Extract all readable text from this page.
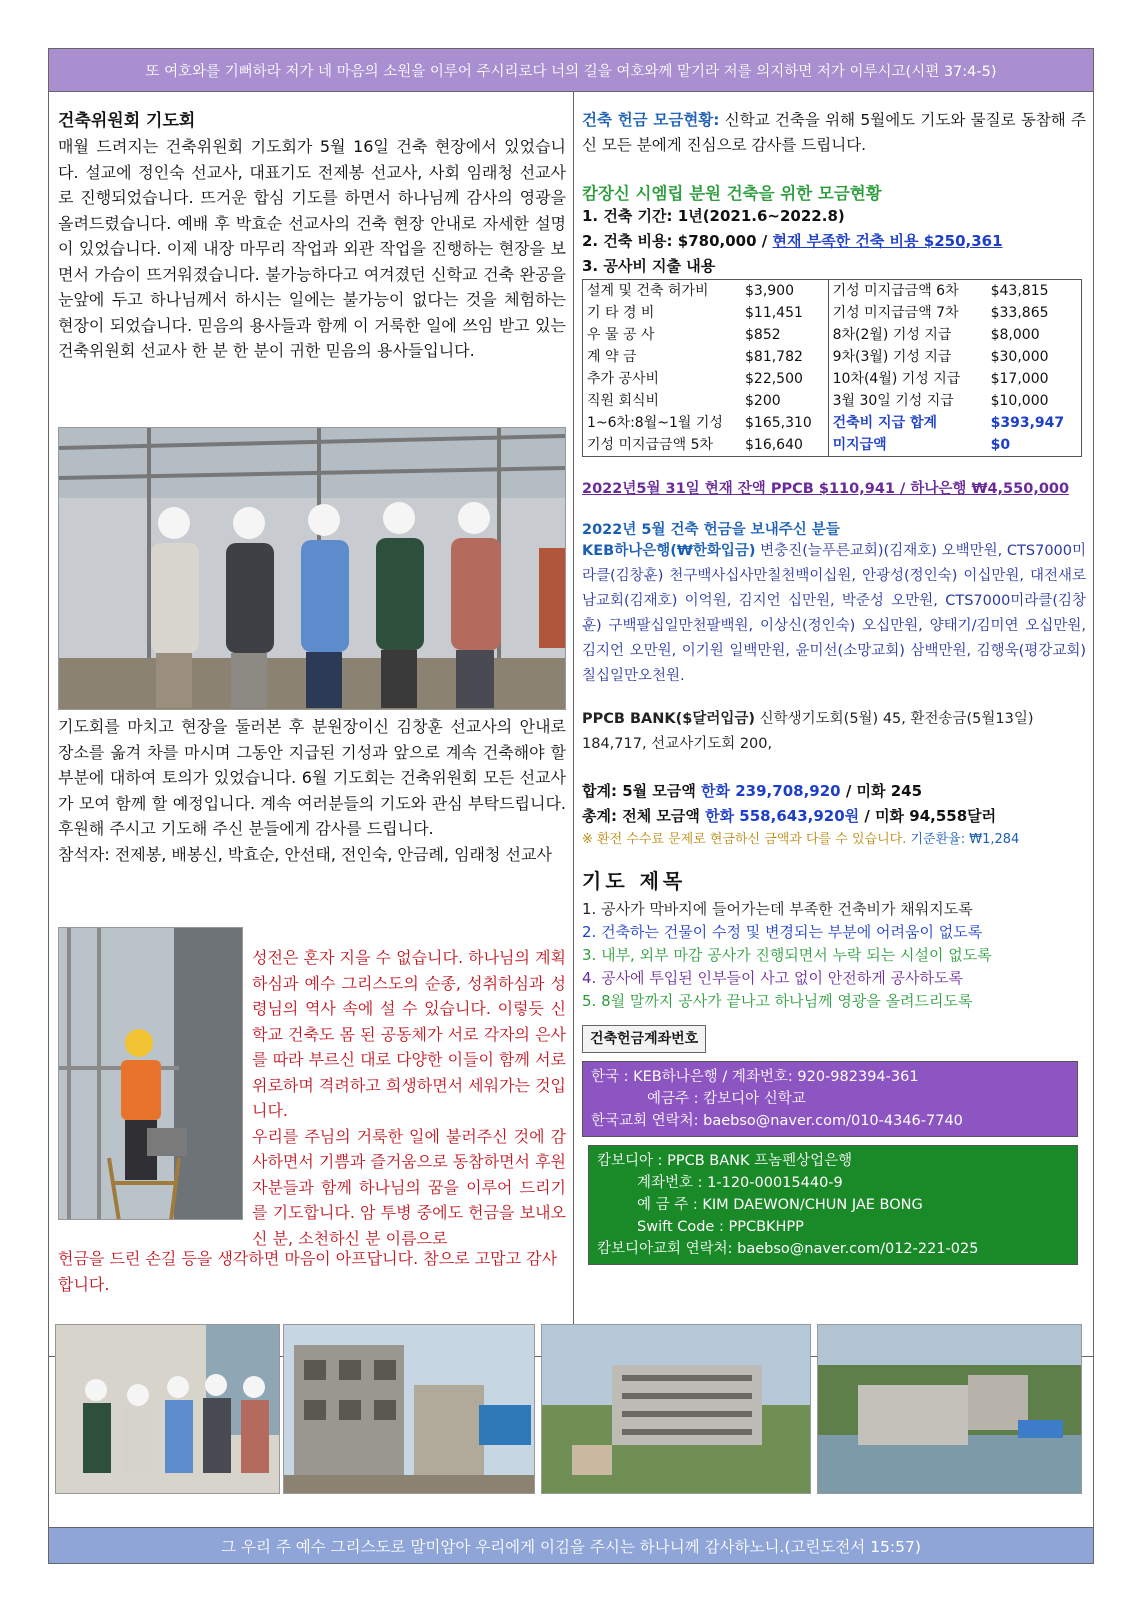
또 여호와를 기뻐하라 저가 네 마음의 소원을 이루어 주시리로다 너의 길을 여호와께 맡기라 저를 의지하면 저가 이루시고(시편 37:4-5)
건축위원회 기도회

매월 드려지는 건축위원회 기도회가 5월 16일 건축 현장에서 있었습니다. 설교에 정인숙 선교사, 대표기도 전제봉 선교사, 사회 임래청 선교사로 진행되었습니다. 뜨거운 합심 기도를 하면서 하나님께 감사의 영광을 올려드렸습니다. 예배 후 박효순 선교사의 건축 현장 안내로 자세한 설명이 있었습니다. 이제 내장 마무리 작업과 외관 작업을 진행하는 현장을 보면서 가슴이 뜨거워졌습니다. 불가능하다고 여겨졌던 신학교 건축 완공을 눈앞에 두고 하나님께서 하시는 일에는 불가능이 없다는 것을 체험하는 현장이 되었습니다. 믿음의 용사들과 함께 이 거룩한 일에 쓰임 받고 있는 건축위원회 선교사 한 분 한 분이 귀한 믿음의 용사들입니다.

기도회를 마치고 현장을 둘러본 후 분원장이신 김창훈 선교사의 안내로 장소를 옮겨 차를 마시며 그동안 지급된 기성과 앞으로 계속 건축해야 할 부분에 대하여 토의가 있었습니다. 6월 기도회는 건축위원회 모든 선교사가 모여 함께 할 예정입니다. 계속 여러분들의 기도와 관심 부탁드립니다. 후원해 주시고 기도해 주신 분들에게 감사를 드립니다.

참석자: 전제봉, 배봉신, 박효순, 안선태, 전인숙, 안금례, 임래청 선교사

성전은 혼자 지을 수 없습니다. 하나님의 계획하심과 예수 그리스도의 순종, 성취하심과 성령님의 역사 속에 설 수 있습니다. 이렇듯 신학교 건축도 몸 된 공동체가 서로 각자의 은사를 따라 부르신 대로 다양한 이들이 함께 서로 위로하며 격려하고 희생하면서 세워가는 것입니다.

우리를 주님의 거룩한 일에 불러주신 것에 감사하면서 기쁨과 즐거움으로 동참하면서 후원자분들과 함께 하나님의 꿈을 이루어 드리기를 기도합니다. 암 투병 중에도 헌금을 보내오신 분, 소천하신 분 이름으로

헌금을 드린 손길 등을 생각하면 마음이 아프답니다. 참으로 고맙고 감사합니다.

건축 헌금 모금현황: 신학교 건축을 위해 5월에도 기도와 물질로 동참해 주신 모든 분에게 진심으로 감사를 드립니다.

캄장신 시엠립 분원 건축을 위한 모금현황
1. 건축 기간: 1년(2021.6~2022.8)
2. 건축 비용: $780,000 / 현재 부족한 건축 비용 $250,361
3. 공사비 지출 내용
설계 및 건축 허가비	$3,900	기성 미지급금액 6차	$43,815
기 타 경 비	$11,451	기성 미지급금액 7차	$33,865
우 물 공 사	$852	8차(2월) 기성 지급	$8,000
계 약 금	$81,782	9차(3월) 기성 지급	$30,000
추가 공사비	$22,500	10차(4월) 기성 지급	$17,000
직원 회식비	$200	3월 30일 기성 지급	$10,000
1~6차:8월~1월 기성	$165,310	건축비 지급 합계	$393,947
기성 미지급금액 5차	$16,640	미지급액	$0
2022년5월 31일 현재 잔액 PPCB $110,941 / 하나은행 ₩4,550,000
2022년 5월 건축 헌금을 보내주신 분들

KEB하나은행(₩한화입금) 변충진(늘푸른교회)(김재호) 오백만원, CTS7000미라클(김창훈) 천구백사십사만칠천백이십원, 안광성(정인숙) 이십만원, 대전새로남교회(김재호) 이억원, 김지언 십만원, 박준성 오만원, CTS7000미라클(김창훈) 구백팔십일만천팔백원, 이상신(정인숙) 오십만원, 양태기/김미연 오십만원, 김지언 오만원, 이기원 일백만원, 윤미선(소망교회) 삼백만원, 김행욱(평강교회) 칠십일만오천원.

PPCB BANK($달러입금) 신학생기도회(5월) 45, 환전송금(5월13일) 184,717, 선교사기도회 200,

합계: 5월 모금액 한화 239,708,920 / 미화 245
총계: 전체 모금액 한화 558,643,920원 / 미화 94,558달러
※ 환전 수수료 문제로 현금하신 금액과 다를 수 있습니다. 기준환율: ₩1,284
기도 제목

1. 공사가 막바지에 들어가는데 부족한 건축비가 채워지도록

2. 건축하는 건물이 수정 및 변경되는 부분에 어려움이 없도록

3. 내부, 외부 마감 공사가 진행되면서 누락 되는 시설이 없도록

4. 공사에 투입된 인부들이 사고 없이 안전하게 공사하도록

5. 8월 말까지 공사가 끝나고 하나님께 영광을 올려드리도록

건축헌금계좌번호
한국 : KEB하나은행 / 계좌번호: 920-982394-361
예금주 : 캄보디아 신학교
한국교회 연락처: baebso@naver.com/010-4346-7740
캄보디아 : PPCB BANK 프놈펜상업은행
계좌번호 : 1-120-00015440-9
예 금 주 : KIM DAEWON/CHUN JAE BONG
Swift Code : PPCBKHPP
캄보디아교회 연락처: baebso@naver.com/012-221-025
그 우리 주 예수 그리스도로 말미암아 우리에게 이김을 주시는 하나니께 감사하노니.(고린도전서 15:57)
